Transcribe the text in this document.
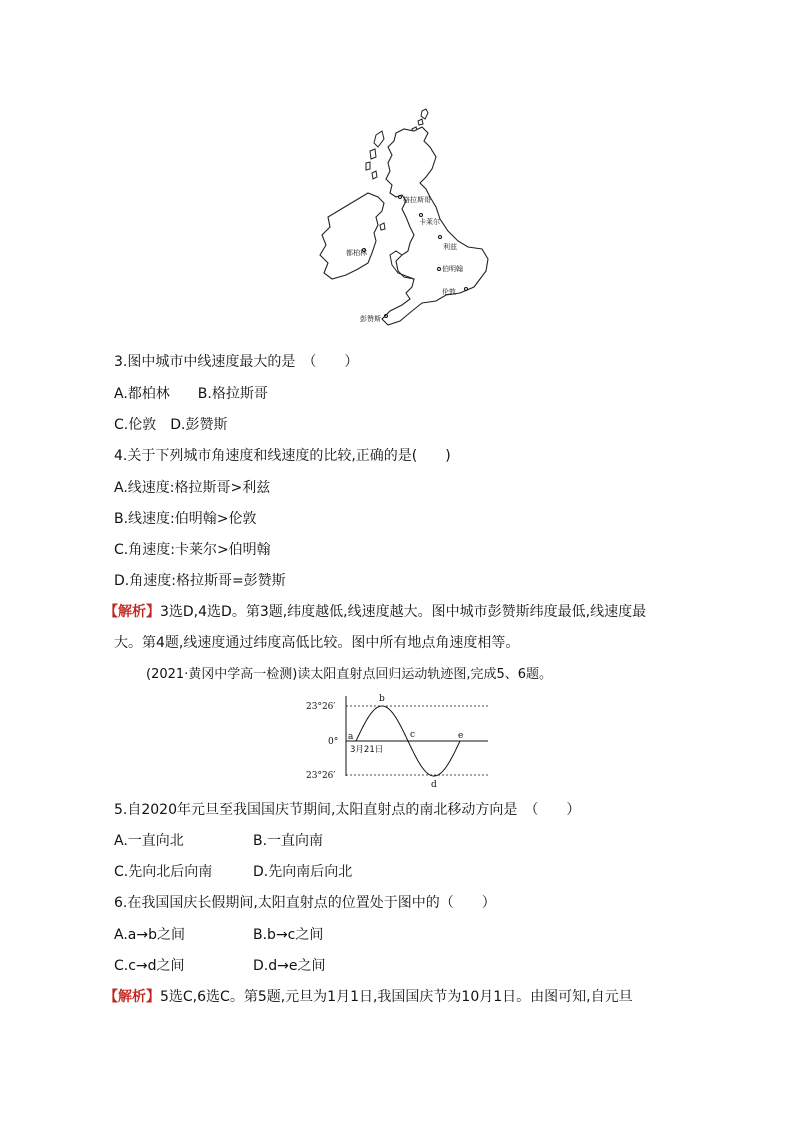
格拉斯哥
卡莱尔
利兹
都柏林
伯明翰
伦敦
彭赞斯
3.图中城市中线速度最大的是　（　　）
A.都柏林　　B.格拉斯哥
C.伦敦　D.彭赞斯
4.关于下列城市角速度和线速度的比较,正确的是(　　)
A.线速度:格拉斯哥>利兹
B.线速度:伯明翰>伦敦
C.角速度:卡莱尔>伯明翰
D.角速度:格拉斯哥=彭赞斯
【解析】3选D,4选D。第3题,纬度越低,线速度越大。图中城市彭赞斯纬度最低,线速度最
大。第4题,线速度通过纬度高低比较。图中所有地点角速度相等。
(2021·黄冈中学高一检测)读太阳直射点回归运动轨迹图,完成5、6题。
23°26′
0°
23°26′
a
b
c
d
e
3月21日
5.自2020年元旦至我国国庆节期间,太阳直射点的南北移动方向是　（　　）
A.一直向北	B.一直向南
C.先向北后向南	D.先向南后向北
6.在我国国庆长假期间,太阳直射点的位置处于图中的（　　）
A.a→b之间	B.b→c之间
C.c→d之间	D.d→e之间
【解析】5选C,6选C。第5题,元旦为1月1日,我国国庆节为10月1日。由图可知,自元旦
